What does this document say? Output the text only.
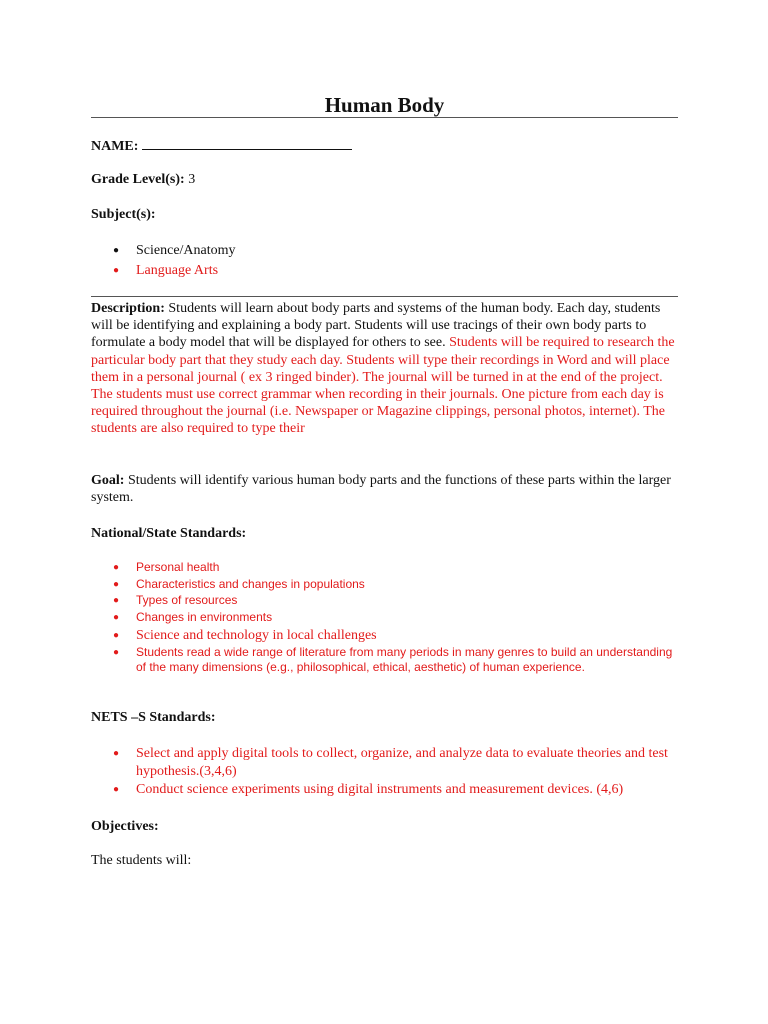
Human Body
NAME:
Grade Level(s): 3
Subject(s):
● Science/Anatomy
● Language Arts
Description: Students will learn about body parts and systems of the human body. Each day, students will be identifying and explaining a body part. Students will use tracings of their own body parts to formulate a body model that will be displayed for others to see. Students will be required to research the particular body part that they study each day. Students will type their recordings in Word and will place them in a personal journal ( ex 3 ringed binder). The journal will be turned in at the end of the project. The students must use correct grammar when recording in their journals. One picture from each day is required throughout the journal (i.e. Newspaper or Magazine clippings, personal photos, internet). The students are also required to type their
Goal: Students will identify various human body parts and the functions of these parts within the larger system.
National/State Standards:
● Personal health
● Characteristics and changes in populations
● Types of resources
● Changes in environments
● Science and technology in local challenges
● Students read a wide range of literature from many periods in many genres to build an understanding of the many dimensions (e.g., philosophical, ethical, aesthetic) of human experience.
NETS –S Standards:
● Select and apply digital tools to collect, organize, and analyze data to evaluate theories and test hypothesis.(3,4,6)
● Conduct science experiments using digital instruments and measurement devices. (4,6)
Objectives:
The students will:
